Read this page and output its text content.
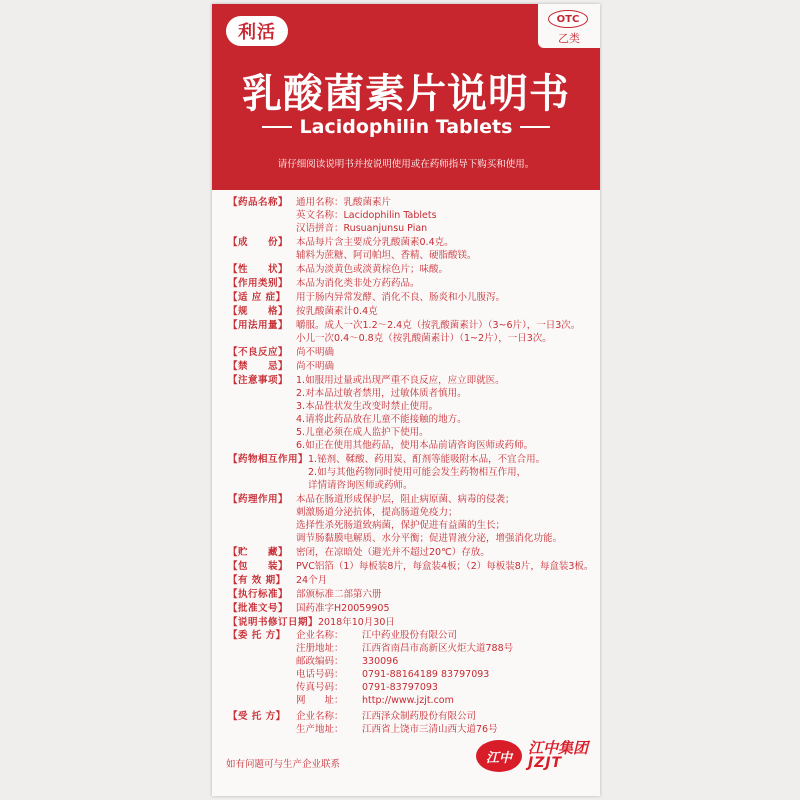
利活
OTC
乙类
乳酸菌素片说明书
Lacidophilin Tablets
请仔细阅读说明书并按说明使用或在药师指导下购买和使用。
【药品名称】 通用名称：乳酸菌素片
英文名称：Lacidophilin Tablets
汉语拼音：Rusuanjunsu Pian
【成　　份】 本品每片含主要成分乳酸菌素0.4克。
辅料为蔗糖、阿司帕坦、香精、硬脂酸镁。
【性　　状】 本品为淡黄色或淡黄棕色片；味酸。
【作用类别】 本品为消化类非处方药药品。
【适 应 症】	用于肠内异常发酵、消化不良、肠炎和小儿腹泻。
【规　　格】 按乳酸菌素计0.4克
【用法用量】 嚼服。成人一次1.2～2.4克（按乳酸菌素计）（3~6片），一日3次。
小儿一次0.4～0.8克（按乳酸菌素计）（1~2片），一日3次。
【不良反应】 尚不明确
【禁　　忌】 尚不明确
【注意事项】 1.如服用过量或出现严重不良反应，应立即就医。
2.对本品过敏者禁用，过敏体质者慎用。
3.本品性状发生改变时禁止使用。
4.请将此药品放在儿童不能接触的地方。
5.儿童必须在成人监护下使用。
6.如正在使用其他药品，使用本品前请咨询医师或药师。
【药物相互作用】 1.铋剂、鞣酸、药用炭、酊剂等能吸附本品，不宜合用。
2.如与其他药物同时使用可能会发生药物相互作用，
详情请咨询医师或药师。
【药理作用】 本品在肠道形成保护层，阻止病原菌、病毒的侵袭；
刺激肠道分泌抗体，提高肠道免疫力；
选择性杀死肠道致病菌，保护促进有益菌的生长；
调节肠黏膜电解质、水分平衡；促进胃液分泌，增强消化功能。
【贮　　藏】 密闭，在凉暗处（避光并不超过20℃）存放。
【包　　装】 PVC铝箔（1）每板装8片，每盒装4板；（2）每板装8片，每盒装3板。
【有 效 期】	24个月
【执行标准】 部颁标准二部第六册
【批准文号】 国药准字H20059905
【说明书修订日期】 2018年10月30日
【委 托 方】	企业名称： 江中药业股份有限公司
注册地址： 江西省南昌市高新区火炬大道788号
邮政编码： 330096
电话号码： 0791-88164189 83797093
传真号码： 0791-83797093
网　　址： http://www.jzjt.com
【受 托 方】	企业名称： 江西泽众制药股份有限公司
生产地址： 江西省上饶市三清山西大道76号
如有问题可与生产企业联系	江中
江中集团
JZJT
